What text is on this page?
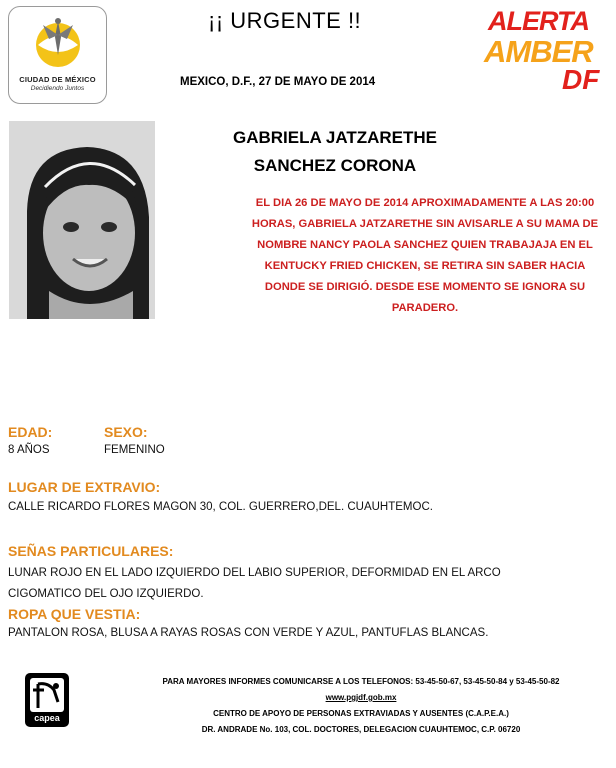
CIUDAD DE MÉXICO
Decidiendo Juntos
¡¡ URGENTE !!
MEXICO, D.F., 27 DE MAYO DE 2014
ALERTA
AMBER
DF
GABRIELA JATZARETHE SANCHEZ CORONA
EL DIA 26 DE MAYO DE 2014 APROXIMADAMENTE A LAS 20:00 HORAS, GABRIELA JATZARETHE SIN AVISARLE A SU MAMA DE NOMBRE NANCY PAOLA SANCHEZ QUIEN TRABAJAJA EN EL KENTUCKY FRIED CHICKEN, SE RETIRA SIN SABER HACIA DONDE SE DIRIGIÓ. DESDE ESE MOMENTO SE IGNORA SU PARADERO.
EDAD:
8 AÑOS
SEXO:
FEMENINO
LUGAR DE EXTRAVIO:
CALLE RICARDO FLORES MAGON 30, COL. GUERRERO,DEL. CUAUHTEMOC.
SEÑAS PARTICULARES:
LUNAR ROJO EN EL LADO IZQUIERDO DEL LABIO SUPERIOR, DEFORMIDAD EN EL ARCO CIGOMATICO DEL OJO IZQUIERDO.
ROPA QUE VESTIA:
PANTALON ROSA, BLUSA A RAYAS ROSAS CON VERDE Y AZUL, PANTUFLAS BLANCAS.
capea
PARA MAYORES INFORMES COMUNICARSE A LOS TELEFONOS: 53-45-50-67, 53-45-50-84 y 53-45-50-82
www.pgjdf.gob.mx
CENTRO DE APOYO DE PERSONAS EXTRAVIADAS Y AUSENTES (C.A.P.E.A.)
DR. ANDRADE No. 103, COL. DOCTORES, DELEGACION CUAUHTEMOC, C.P. 06720
